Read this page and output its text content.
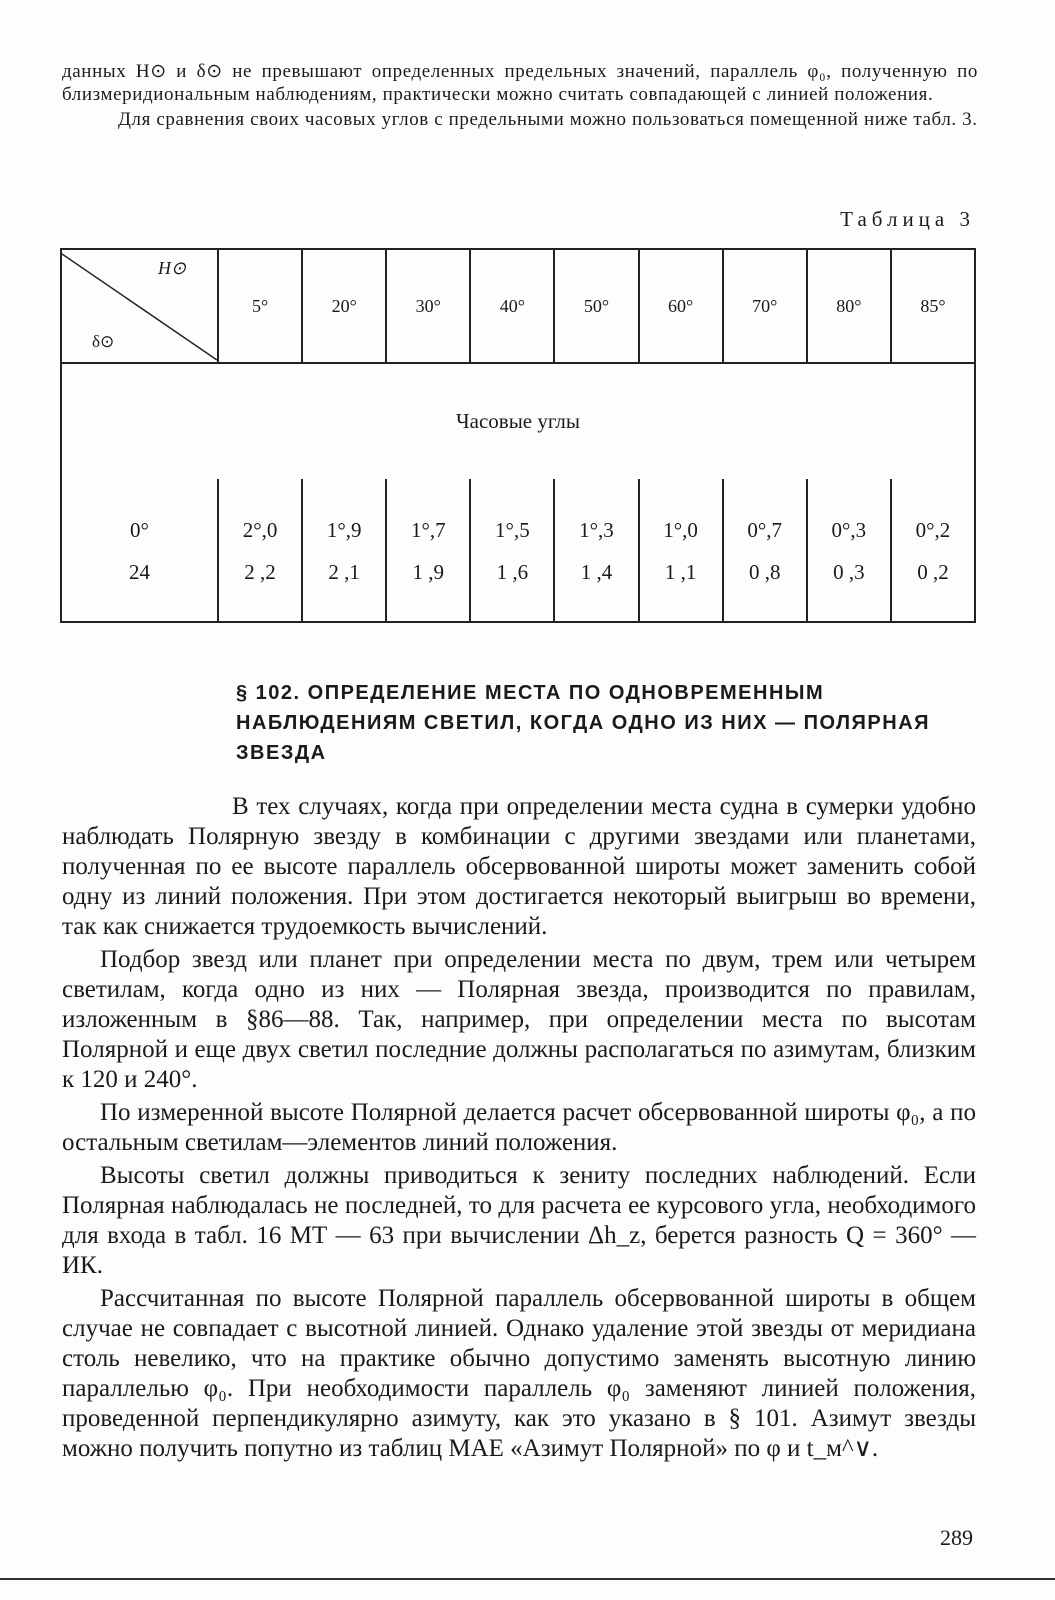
данных H⊙ и δ⊙ не превышают определенных предельных значений, параллель φ₀, полученную по близмеридиональным наблюдениям, практически можно считать совпадающей с линией положения.

Для сравнения своих часовых углов с предельными можно пользоваться помещенной ниже табл. 3.

Таблица 3
H⊙
δ⊙	5°	20°	30°	40°	50°	60°	70°	80°	85°
Часовые углы									
0°	2°,0	1°,9	1°,7	1°,5	1°,3	1°,0	0°,7	0°,3	0°,2
24	2 ,2	2 ,1	1 ,9	1 ,6	1 ,4	1 ,1	0 ,8	0 ,3	0 ,2
§ 102. ОПРЕДЕЛЕНИЕ МЕСТА ПО ОДНОВРЕМЕННЫМ НАБЛЮДЕНИЯМ СВЕТИЛ, КОГДА ОДНО ИЗ НИХ — ПОЛЯРНАЯ ЗВЕЗДА

В тех случаях, когда при определении места судна в сумерки удобно наблюдать Полярную звезду в комбинации с другими звездами или планетами, полученная по ее высоте параллель обсервованной широты может заменить собой одну из линий положения. При этом достигается некоторый выигрыш во времени, так как снижается трудоемкость вычислений.

Подбор звезд или планет при определении места по двум, трем или четырем светилам, когда одно из них — Полярная звезда, производится по правилам, изложенным в §86—88. Так, например, при определении места по высотам Полярной и еще двух светил последние должны располагаться по азимутам, близким к 120 и 240°.

По измеренной высоте Полярной делается расчет обсервованной широты φ₀, а по остальным светилам—элементов линий положения.

Высоты светил должны приводиться к зениту последних наблюдений. Если Полярная наблюдалась не последней, то для расчета ее курсового угла, необходимого для входа в табл. 16 МТ — 63 при вычислении Δh_z, берется разность Q = 360° — ИК.

Рассчитанная по высоте Полярной параллель обсервованной широты в общем случае не совпадает с высотной линией. Однако удаление этой звезды от меридиана столь невелико, что на практике обычно допустимо заменять высотную линию параллелью φ₀. При необходимости параллель φ₀ заменяют линией положения, проведенной перпендикулярно азимуту, как это указано в § 101. Азимут звезды можно получить попутно из таблиц МАЕ «Азимут Полярной» по φ и t_м^∨.

289
